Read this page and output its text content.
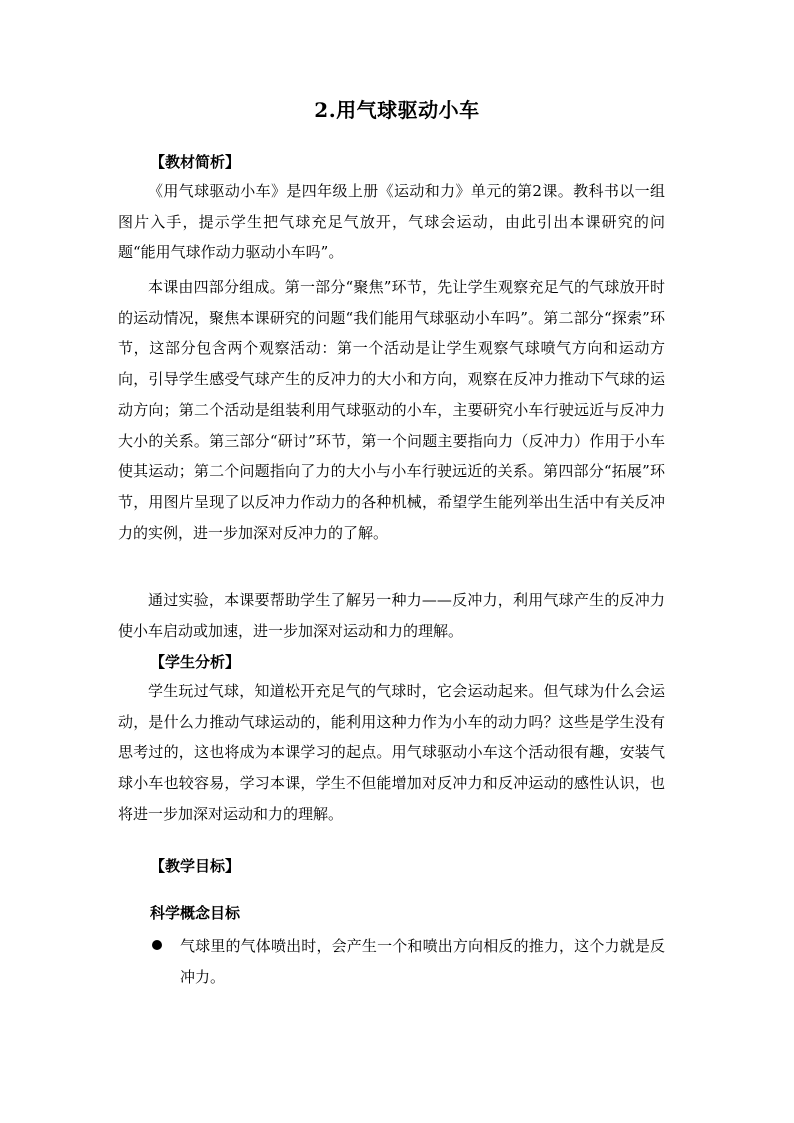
2.用气球驱动小车
【教材简析】

《用气球驱动小车》是四年级上册《运动和力》单元的第2课。教科书以一组图片入手，提示学生把气球充足气放开，气球会运动，由此引出本课研究的问题“能用气球作动力驱动小车吗”。

本课由四部分组成。第一部分“聚焦”环节，先让学生观察充足气的气球放开时的运动情况，聚焦本课研究的问题“我们能用气球驱动小车吗”。第二部分“探索”环节，这部分包含两个观察活动：第一个活动是让学生观察气球喷气方向和运动方向，引导学生感受气球产生的反冲力的大小和方向，观察在反冲力推动下气球的运动方向；第二个活动是组装利用气球驱动的小车，主要研究小车行驶远近与反冲力大小的关系。第三部分“研讨”环节，第一个问题主要指向力（反冲力）作用于小车使其运动；第二个问题指向了力的大小与小车行驶远近的关系。第四部分“拓展”环节，用图片呈现了以反冲力作动力的各种机械，希望学生能列举出生活中有关反冲力的实例，进一步加深对反冲力的了解。

通过实验，本课要帮助学生了解另一种力——反冲力，利用气球产生的反冲力使小车启动或加速，进一步加深对运动和力的理解。

【学生分析】

学生玩过气球，知道松开充足气的气球时，它会运动起来。但气球为什么会运动，是什么力推动气球运动的，能利用这种力作为小车的动力吗？这些是学生没有思考过的，这也将成为本课学习的起点。用气球驱动小车这个活动很有趣，安装气球小车也较容易，学习本课，学生不但能增加对反冲力和反冲运动的感性认识，也将进一步加深对运动和力的理解。

【教学目标】
科学概念目标
气球里的气体喷出时，会产生一个和喷出方向相反的推力，这个力就是反冲力。
